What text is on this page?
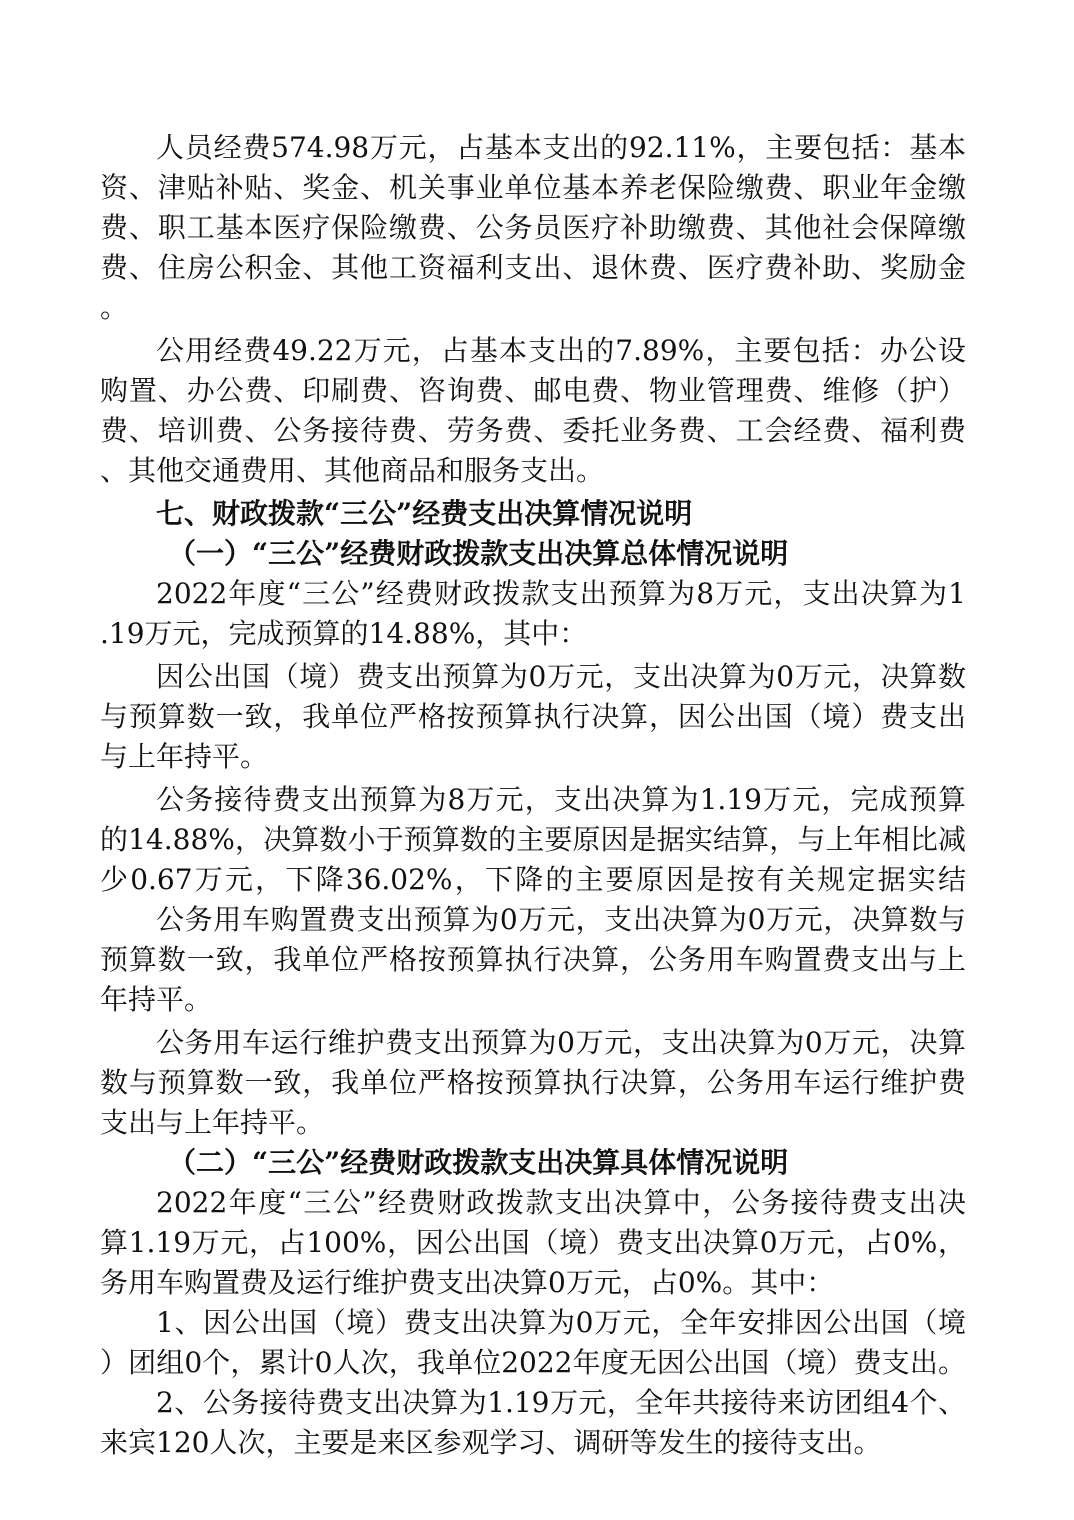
人员经费574.98万元，占基本支出的92.11%，主要包括：基本
资、津贴补贴、奖金、机关事业单位基本养老保险缴费、职业年金缴
费、职工基本医疗保险缴费、公务员医疗补助缴费、其他社会保障缴
费、住房公积金、其他工资福利支出、退休费、医疗费补助、奖励金
。
公用经费49.22万元，占基本支出的7.89%，主要包括：办公设
购置、办公费、印刷费、咨询费、邮电费、物业管理费、维修（护）
费、培训费、公务接待费、劳务费、委托业务费、工会经费、福利费
、其他交通费用、其他商品和服务支出。
七、财政拨款“三公”经费支出决算情况说明
（一）“三公”经费财政拨款支出决算总体情况说明
2022年度“三公”经费财政拨款支出预算为8万元，支出决算为1
.19万元，完成预算的14.88%，其中：
因公出国（境）费支出预算为0万元，支出决算为0万元，决算数
与预算数一致，我单位严格按预算执行决算，因公出国（境）费支出
与上年持平。
公务接待费支出预算为8万元，支出决算为1.19万元，完成预算
的14.88%，决算数小于预算数的主要原因是据实结算，与上年相比减
少0.67万元，下降36.02%，下降的主要原因是按有关规定据实结
公务用车购置费支出预算为0万元，支出决算为0万元，决算数与
预算数一致，我单位严格按预算执行决算，公务用车购置费支出与上
年持平。
公务用车运行维护费支出预算为0万元，支出决算为0万元，决算
数与预算数一致，我单位严格按预算执行决算，公务用车运行维护费
支出与上年持平。
（二）“三公”经费财政拨款支出决算具体情况说明
2022年度“三公”经费财政拨款支出决算中，公务接待费支出决
算1.19万元，占100%，因公出国（境）费支出决算0万元，占0%，
务用车购置费及运行维护费支出决算0万元，占0%。其中：
1、因公出国（境）费支出决算为0万元，全年安排因公出国（境
）团组0个，累计0人次，我单位2022年度无因公出国（境）费支出。
2、公务接待费支出决算为1.19万元，全年共接待来访团组4个、
来宾120人次，主要是来区参观学习、调研等发生的接待支出。
